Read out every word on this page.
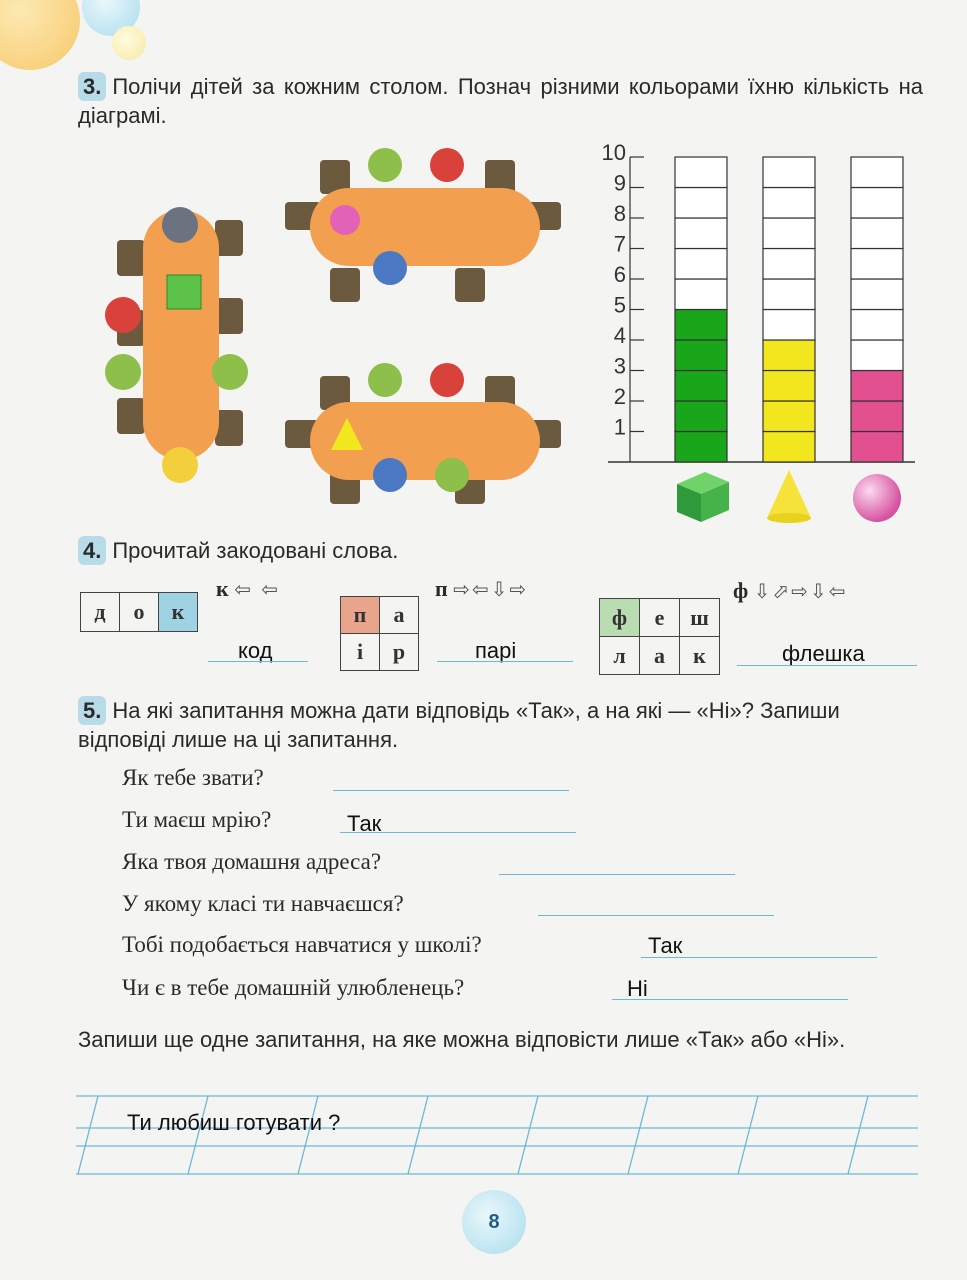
3. Полічи дітей за кожним столом. Познач різними кольорами їхню кількість на діаграмі.
1
2
3
4
5
6
7
8
9
10
4. Прочитай закодовані слова.
к ⇦ ⇦
д	о	к
код
п ⇨⇦⇩⇨
п	а
і	р	парі
ф ⇩⬀⇨⇩⇦
ф	е	ш
л	а	к	флешка
5. На які запитання можна дати відповідь «Так», а на які — «Ні»? Запиши відповіді лише на ці запитання.
Як тебе звати?
Ти маєш мрію?	Так
Яка твоя домашня адреса?
У якому класі ти навчаєшся?
Тобі подобається навчатися у школі?	Так
Чи є в тебе домашній улюбленець?	Ні
Запиши ще одне запитання, на яке можна відповісти лише «Так» або «Ні».
Ти любиш готувати ?
8
